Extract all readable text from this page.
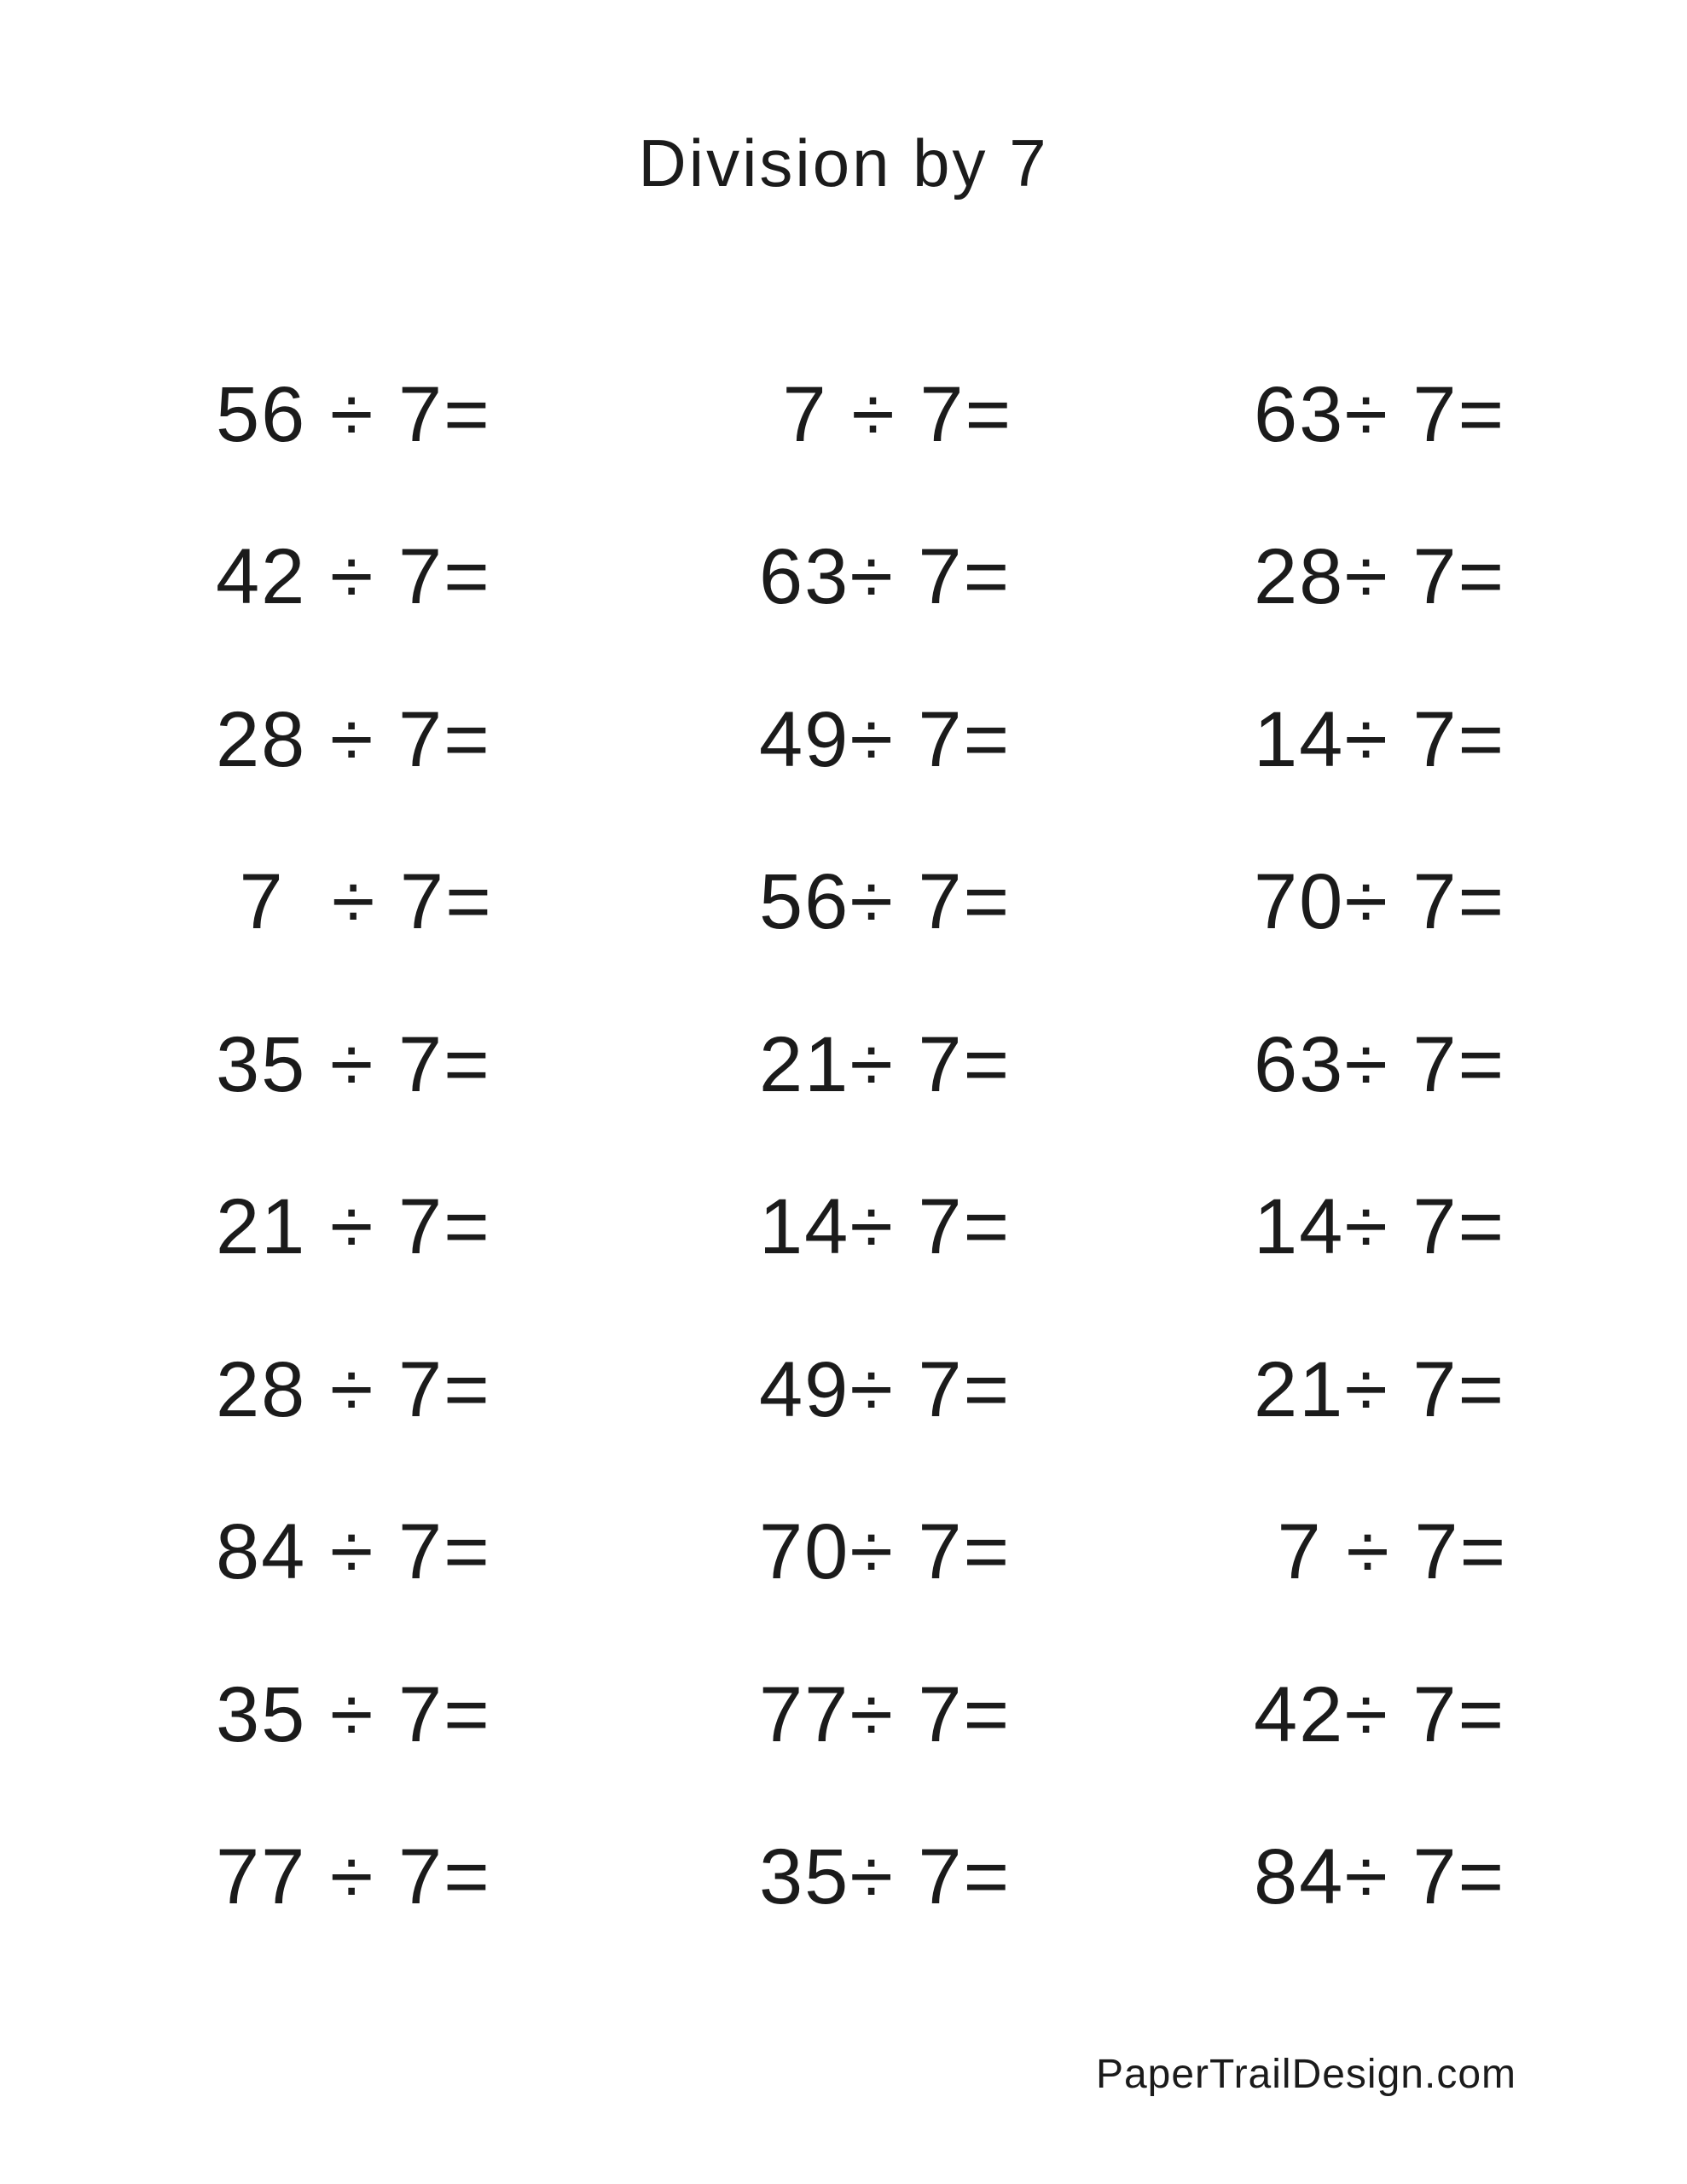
Division by 7
56 ÷ 7=	7 ÷ 7=	63÷ 7=
42 ÷ 7=	63÷ 7=	28÷ 7=
28 ÷ 7=	49÷ 7=	14÷ 7=
7  ÷ 7=	56÷ 7=	70÷ 7=
35 ÷ 7=	21÷ 7=	63÷ 7=
21 ÷ 7=	14÷ 7=	14÷ 7=
28 ÷ 7=	49÷ 7=	21÷ 7=
84 ÷ 7=	70÷ 7=	7 ÷ 7=
35 ÷ 7=	77÷ 7=	42÷ 7=
77 ÷ 7=	35÷ 7=	84÷ 7=
PaperTrailDesign.com
